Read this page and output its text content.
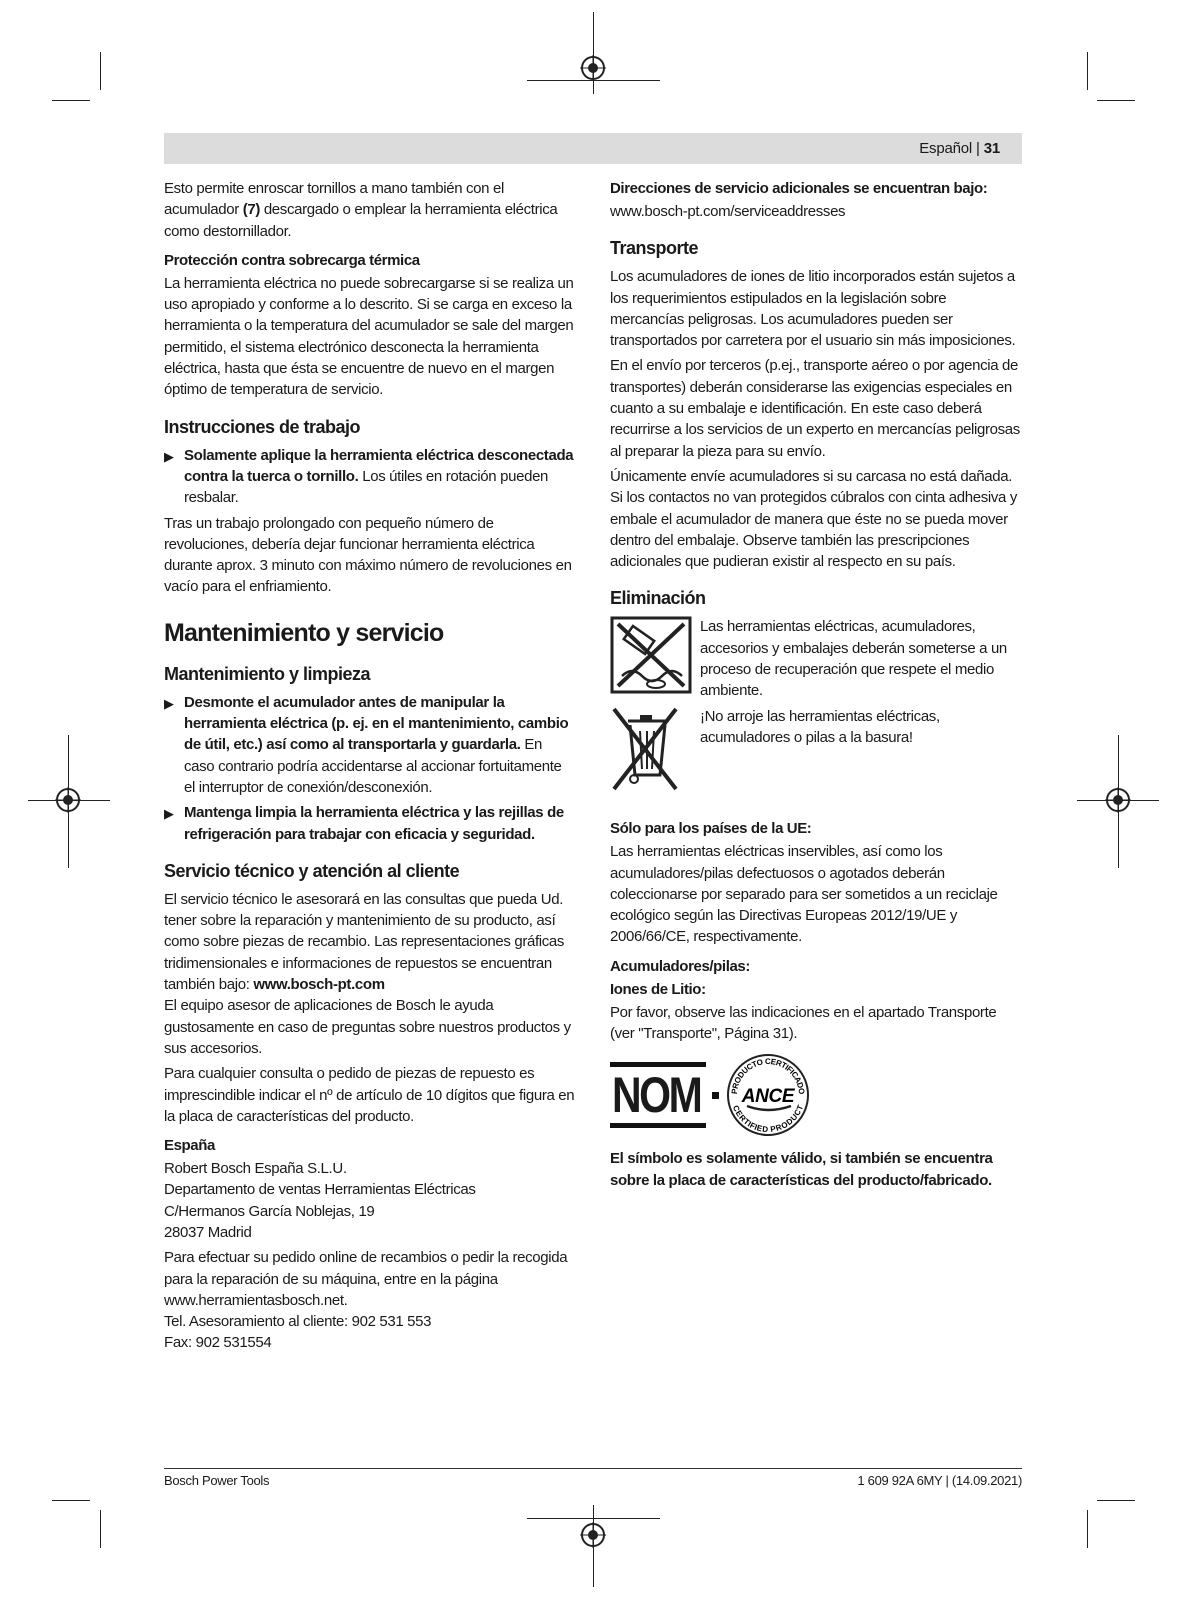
Español | 31

Esto permite enroscar tornillos a mano también con el acumulador (7) descargado o emplear la herramienta eléctrica como destornillador.

Protección contra sobrecarga térmica

La herramienta eléctrica no puede sobrecargarse si se realiza un uso apropiado y conforme a lo descrito. Si se carga en exceso la herramienta o la temperatura del acumulador se sale del margen permitido, el sistema electrónico desconecta la herramienta eléctrica, hasta que ésta se encuentre de nuevo en el margen óptimo de temperatura de servicio.

Instrucciones de trabajo
▶ Solamente aplique la herramienta eléctrica desconectada contra la tuerca o tornillo. Los útiles en rotación pueden resbalar.

Tras un trabajo prolongado con pequeño número de revoluciones, debería dejar funcionar herramienta eléctrica durante aprox. 3 minuto con máximo número de revoluciones en vacío para el enfriamiento.

Mantenimiento y servicio
Mantenimiento y limpieza
▶ Desmonte el acumulador antes de manipular la herramienta eléctrica (p. ej. en el mantenimiento, cambio de útil, etc.) así como al transportarla y guardarla. En caso contrario podría accidentarse al accionar fortuitamente el interruptor de conexión/desconexión.
▶ Mantenga limpia la herramienta eléctrica y las rejillas de refrigeración para trabajar con eficacia y seguridad.
Servicio técnico y atención al cliente

El servicio técnico le asesorará en las consultas que pueda Ud. tener sobre la reparación y mantenimiento de su producto, así como sobre piezas de recambio. Las representaciones gráficas tridimensionales e informaciones de repuestos se encuentran también bajo: www.bosch-pt.com

El equipo asesor de aplicaciones de Bosch le ayuda gustosamente en caso de preguntas sobre nuestros productos y sus accesorios.

Para cualquier consulta o pedido de piezas de repuesto es imprescindible indicar el nº de artículo de 10 dígitos que figura en la placa de características del producto.

España
Robert Bosch España S.L.U.
Departamento de ventas Herramientas Eléctricas
C/Hermanos García Noblejas, 19
28037 Madrid
Para efectuar su pedido online de recambios o pedir la recogida para la reparación de su máquina, entre en la página www.herramientasbosch.net.
Tel. Asesoramiento al cliente: 902 531 553
Fax: 902 531554
Direcciones de servicio adicionales se encuentran bajo:

www.bosch-pt.com/serviceaddresses

Transporte

Los acumuladores de iones de litio incorporados están sujetos a los requerimientos estipulados en la legislación sobre mercancías peligrosas. Los acumuladores pueden ser transportados por carretera por el usuario sin más imposiciones.

En el envío por terceros (p.ej., transporte aéreo o por agencia de transportes) deberán considerarse las exigencias especiales en cuanto a su embalaje e identificación. En este caso deberá recurrirse a los servicios de un experto en mercancías peligrosas al preparar la pieza para su envío.

Únicamente envíe acumuladores si su carcasa no está dañada. Si los contactos no van protegidos cúbralos con cinta adhesiva y embale el acumulador de manera que éste no se pueda mover dentro del embalaje. Observe también las prescripciones adicionales que pudieran existir al respecto en su país.

Eliminación

Las herramientas eléctricas, acumuladores, accesorios y embalajes deberán someterse a un proceso de recuperación que respete el medio ambiente.

¡No arroje las herramientas eléctricas, acumuladores o pilas a la basura!

Sólo para los países de la UE:

Las herramientas eléctricas inservibles, así como los acumuladores/pilas defectuosos o agotados deberán coleccionarse por separado para ser sometidos a un reciclaje ecológico según las Directivas Europeas 2012/19/UE y 2006/66/CE, respectivamente.

Acumuladores/pilas:
Iones de Litio:

Por favor, observe las indicaciones en el apartado Transporte (ver "Transporte", Página 31).

NOM	PRODUCTO CERTIFICADO
CERTIFIED PRODUCT
ANCE

El símbolo es solamente válido, si también se encuentra sobre la placa de características del producto/fabricado.

Bosch Power Tools	1 609 92A 6MY | (14.09.2021)
